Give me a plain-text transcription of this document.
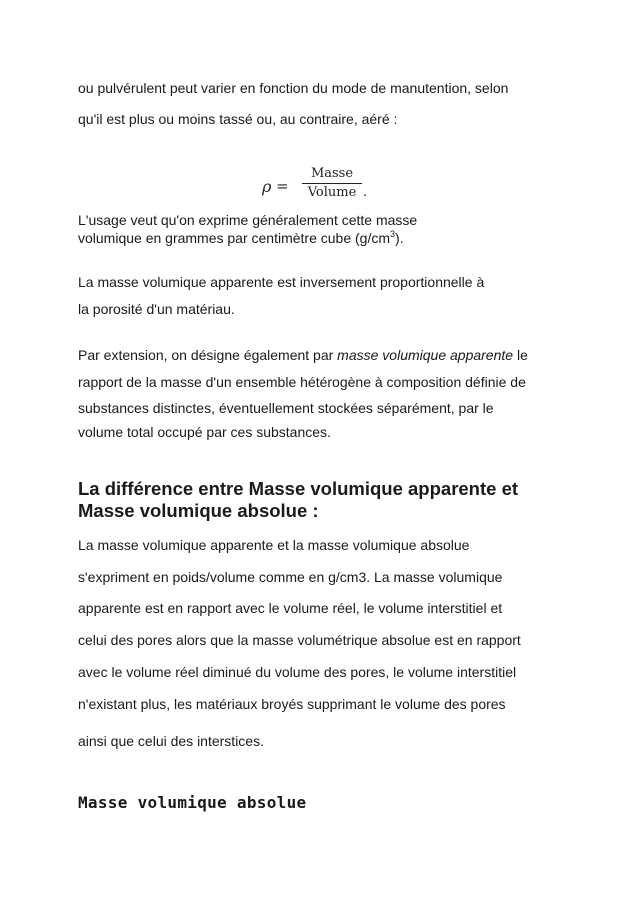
ou pulvérulent peut varier en fonction du mode de manutention, selon
qu'il est plus ou moins tassé ou, au contraire, aéré :
ρ =
Masse
Volume .
L'usage veut qu'on exprime généralement cette masse
volumique en grammes par centimètre cube $(g/cm^3)$.
La masse volumique apparente est inversement proportionnelle à
la porosité d'un matériau.
Par extension, on désigne également par masse volumique apparente le
rapport de la masse d'un ensemble hétérogène à composition définie de
substances distinctes, éventuellement stockées séparément, par le
volume total occupé par ces substances.
La différence entre Masse volumique apparente et
Masse volumique absolue :
La masse volumique apparente et la masse volumique absolue
s'expriment en poids/volume comme en g/cm3. La masse volumique
apparente est en rapport avec le volume réel, le volume interstitiel et
celui des pores alors que la masse volumétrique absolue est en rapport
avec le volume réel diminué du volume des pores, le volume interstitiel
n'existant plus, les matériaux broyés supprimant le volume des pores
ainsi que celui des interstices.
Masse volumique absolue
